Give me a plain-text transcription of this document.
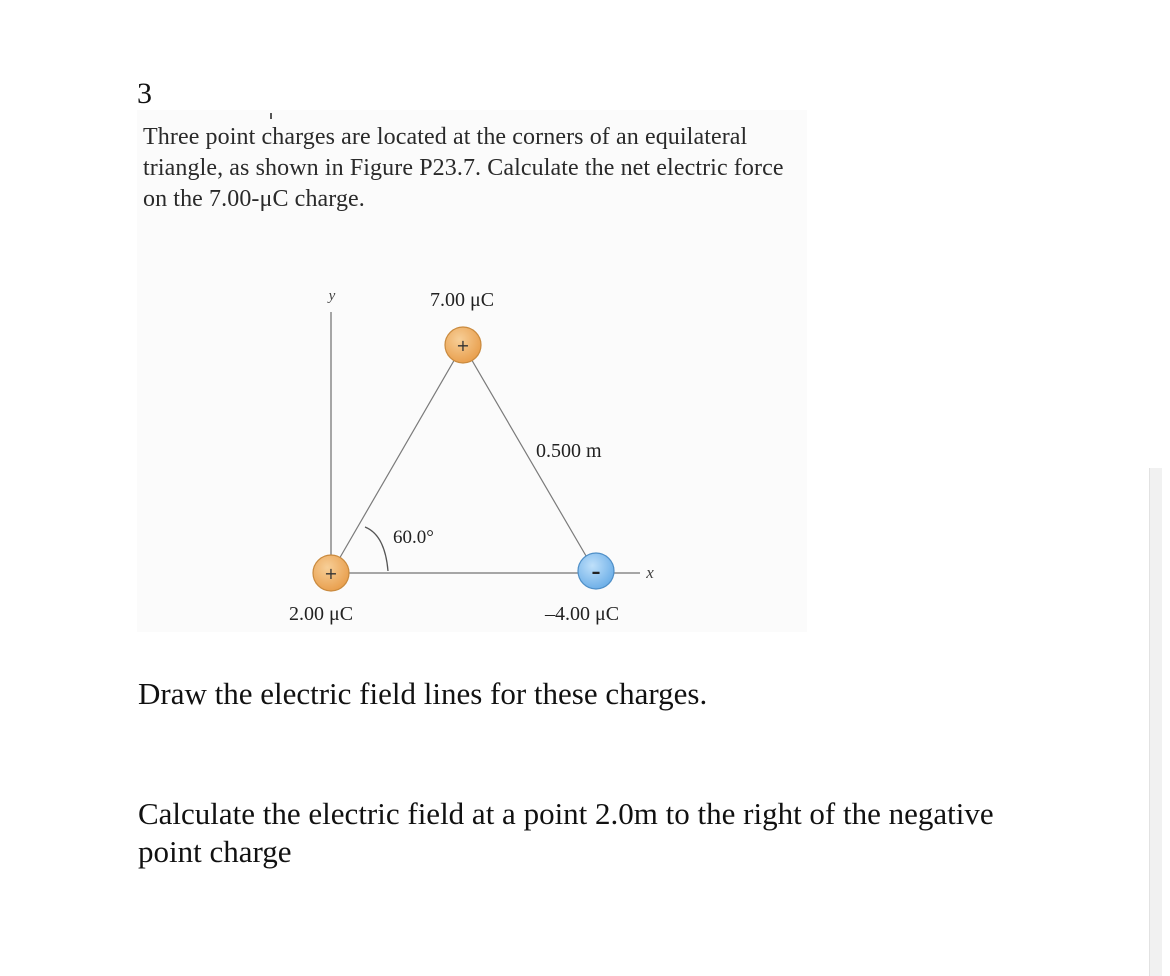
3
Three point charges are located at the corners of an equilateral triangle, as shown in Figure P23.7. Calculate the net electric force on the 7.00-μC charge.
+
+	–
y
x
7.00 μC
2.00 μC	–4.00 μC
0.500 m
60.0°
Draw the electric field lines for these charges.
Calculate the electric field at a point 2.0m to the right of the negative point charge
